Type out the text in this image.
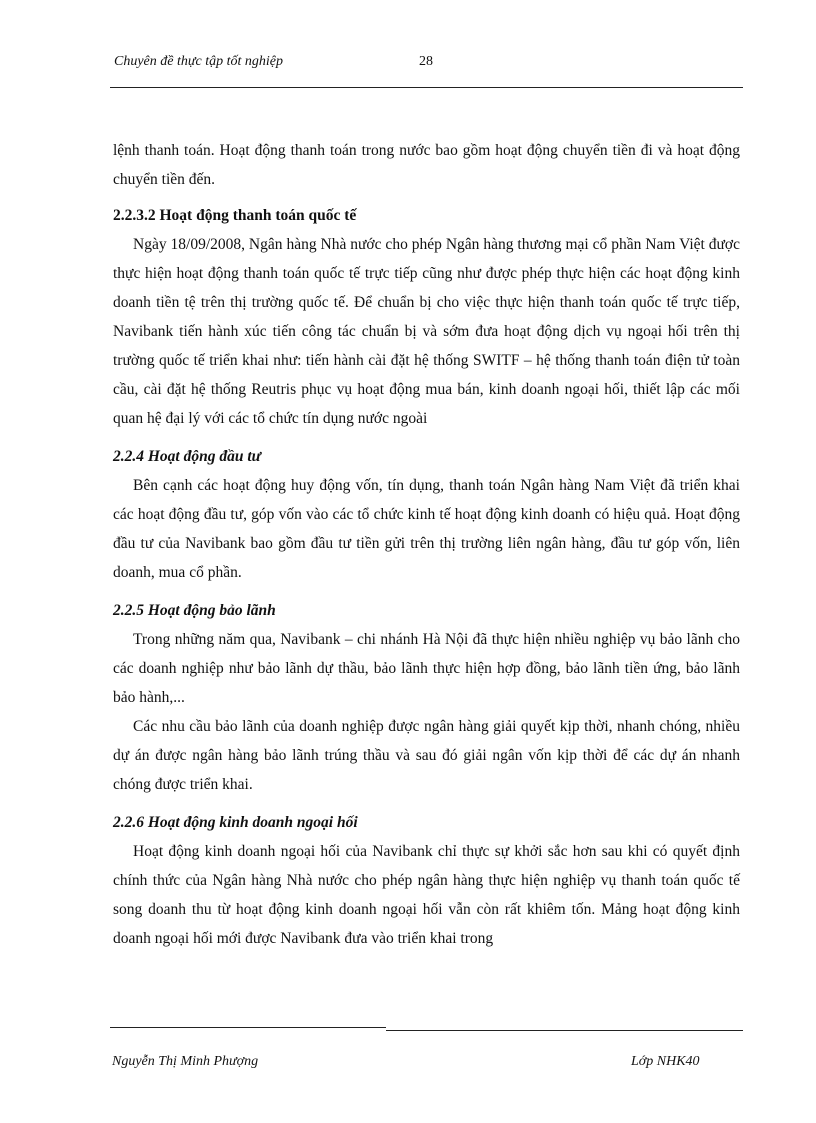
Chuyên đề thực tập tốt nghiệp	28

lệnh thanh toán. Hoạt động thanh toán trong nước bao gồm hoạt động chuyển tiền đi và hoạt động chuyển tiền đến.

2.2.3.2 Hoạt động thanh toán quốc tế

Ngày 18/09/2008, Ngân hàng Nhà nước cho phép Ngân hàng thương mại cổ phần Nam Việt được thực hiện hoạt động thanh toán quốc tế trực tiếp cũng như được phép thực hiện các hoạt động kinh doanh tiền tệ trên thị trường quốc tế. Để chuẩn bị cho việc thực hiện thanh toán quốc tế trực tiếp, Navibank tiến hành xúc tiến công tác chuẩn bị và sớm đưa hoạt động dịch vụ ngoại hối trên thị trường quốc tế triển khai như: tiến hành cài đặt hệ thống SWITF – hệ thống thanh toán điện tử toàn cầu, cài đặt hệ thống Reutris phục vụ hoạt động mua bán, kinh doanh ngoại hối, thiết lập các mối quan hệ đại lý với các tổ chức tín dụng nước ngoài

2.2.4 Hoạt động đầu tư

Bên cạnh các hoạt động huy động vốn, tín dụng, thanh toán Ngân hàng Nam Việt đã triển khai các hoạt động đầu tư, góp vốn vào các tổ chức kinh tế hoạt động kinh doanh có hiệu quả. Hoạt động đầu tư của Navibank bao gồm đầu tư tiền gửi trên thị trường liên ngân hàng, đầu tư góp vốn, liên doanh, mua cổ phần.

2.2.5 Hoạt động bảo lãnh

Trong những năm qua, Navibank – chi nhánh Hà Nội đã thực hiện nhiều nghiệp vụ bảo lãnh cho các doanh nghiệp như bảo lãnh dự thầu, bảo lãnh thực hiện hợp đồng, bảo lãnh tiền ứng, bảo lãnh bảo hành,...

Các nhu cầu bảo lãnh của doanh nghiệp được ngân hàng giải quyết kịp thời, nhanh chóng, nhiều dự án được ngân hàng bảo lãnh trúng thầu và sau đó giải ngân vốn kịp thời để các dự án nhanh chóng được triển khai.

2.2.6 Hoạt động kinh doanh ngoại hối

Hoạt động kinh doanh ngoại hối của Navibank chỉ thực sự khởi sắc hơn sau khi có quyết định chính thức của Ngân hàng Nhà nước cho phép ngân hàng thực hiện nghiệp vụ thanh toán quốc tế song doanh thu từ hoạt động kinh doanh ngoại hối vẫn còn rất khiêm tốn. Mảng hoạt động kinh doanh ngoại hối mới được Navibank đưa vào triển khai trong

Nguyễn Thị Minh Phượng	Lớp NHK40
